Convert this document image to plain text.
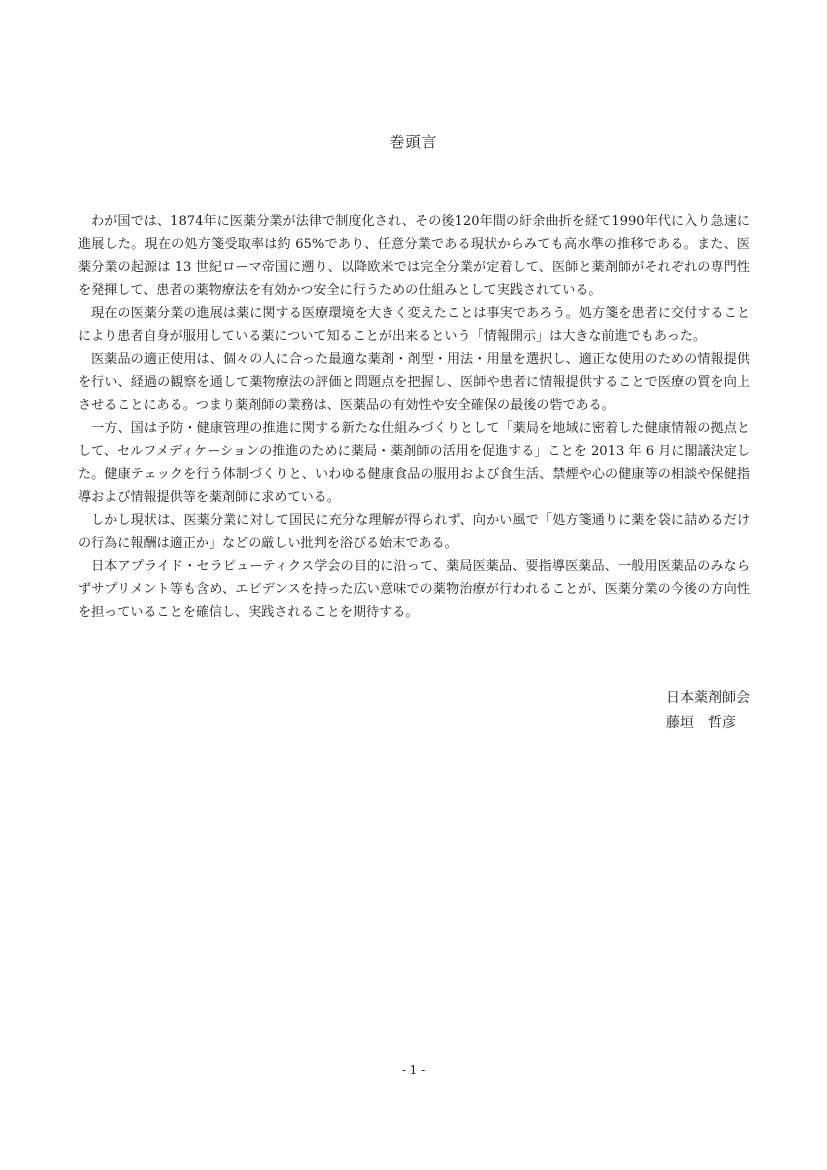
巻頭言

わが国では、1874年に医薬分業が法律で制度化され、その後120年間の紆余曲折を経て1990年代に入り急速に進展した。現在の処方箋受取率は約 65%であり、任意分業である現状からみても高水準の推移である。また、医薬分業の起源は 13 世紀ローマ帝国に遡り、以降欧米では完全分業が定着して、医師と薬剤師がそれぞれの専門性を発揮して、患者の薬物療法を有効かつ安全に行うための仕組みとして実践されている。

現在の医薬分業の進展は薬に関する医療環境を大きく変えたことは事実であろう。処方箋を患者に交付することにより患者自身が服用している薬について知ることが出来るという「情報開示」は大きな前進でもあった。

医薬品の適正使用は、個々の人に合った最適な薬剤・剤型・用法・用量を選択し、適正な使用のための情報提供を行い、経過の観察を通して薬物療法の評価と問題点を把握し、医師や患者に情報提供することで医療の質を向上させることにある。つまり薬剤師の業務は、医薬品の有効性や安全確保の最後の砦である。

一方、国は予防・健康管理の推進に関する新たな仕組みづくりとして「薬局を地域に密着した健康情報の拠点として、セルフメディケーションの推進のために薬局・薬剤師の活用を促進する」ことを 2013 年 6 月に閣議決定した。健康テェックを行う体制づくりと、いわゆる健康食品の服用および食生活、禁煙や心の健康等の相談や保健指導および情報提供等を薬剤師に求めている。

しかし現状は、医薬分業に対して国民に充分な理解が得られず、向かい風で「処方箋通りに薬を袋に詰めるだけの行為に報酬は適正か」などの厳しい批判を浴びる始末である。

日本アプライド・セラピューティクス学会の目的に沿って、薬局医薬品、要指導医薬品、一般用医薬品のみならずサプリメント等も含め、エビデンスを持った広い意味での薬物治療が行われることが、医薬分業の今後の方向性を担っていることを確信し、実践されることを期待する。

日本薬剤師会
藤垣　哲彦
- 1 -
